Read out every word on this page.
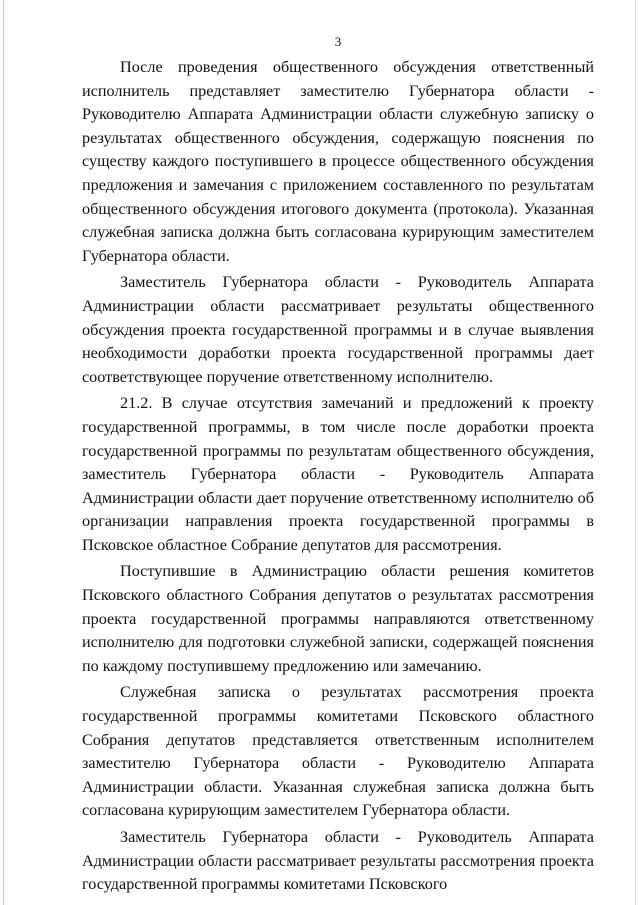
3

После проведения общественного обсуждения ответственный исполнитель представляет заместителю Губернатора области - Руководителю Аппарата Администрации области служебную записку о результатах общественного обсуждения, содержащую пояснения по существу каждого поступившего в процессе общественного обсуждения предложения и замечания с приложением составленного по результатам общественного обсуждения итогового документа (протокола). Указанная служебная записка должна быть согласована курирующим заместителем Губернатора области.

Заместитель Губернатора области - Руководитель Аппарата Администрации области рассматривает результаты общественного обсуждения проекта государственной программы и в случае выявления необходимости доработки проекта государственной программы дает соответствующее поручение ответственному исполнителю.

21.2. В случае отсутствия замечаний и предложений к проекту государственной программы, в том числе после доработки проекта государственной программы по результатам общественного обсуждения, заместитель Губернатора области - Руководитель Аппарата Администрации области дает поручение ответственному исполнителю об организации направления проекта государственной программы в Псковское областное Собрание депутатов для рассмотрения.

Поступившие в Администрацию области решения комитетов Псковского областного Собрания депутатов о результатах рассмотрения проекта государственной программы направляются ответственному исполнителю для подготовки служебной записки, содержащей пояснения по каждому поступившему предложению или замечанию.

Служебная записка о результатах рассмотрения проекта государственной программы комитетами Псковского областного Собрания депутатов представляется ответственным исполнителем заместителю Губернатора области - Руководителю Аппарата Администрации области. Указанная служебная записка должна быть согласована курирующим заместителем Губернатора области.

Заместитель Губернатора области - Руководитель Аппарата Администрации области рассматривает результаты рассмотрения проекта государственной программы комитетами Псковского
